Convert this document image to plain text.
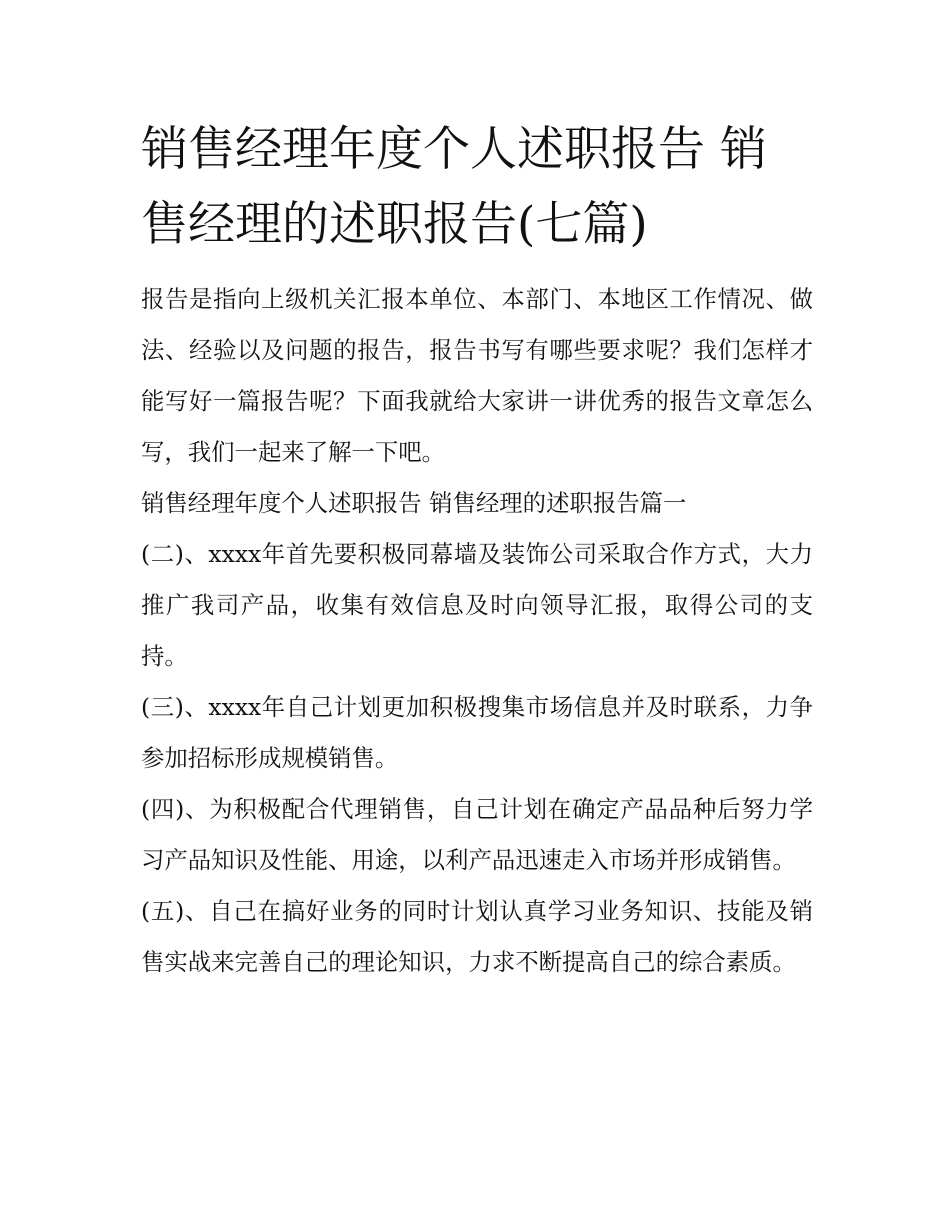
销售经理年度个人述职报告 销售经理的述职报告(七篇)

报告是指向上级机关汇报本单位、本部门、本地区工作情况、做法、经验以及问题的报告，报告书写有哪些要求呢？我们怎样才能写好一篇报告呢？下面我就给大家讲一讲优秀的报告文章怎么写，我们一起来了解一下吧。

销售经理年度个人述职报告 销售经理的述职报告篇一

(二)、xxxx年首先要积极同幕墙及装饰公司采取合作方式，大力推广我司产品，收集有效信息及时向领导汇报，取得公司的支持。

(三)、xxxx年自己计划更加积极搜集市场信息并及时联系，力争参加招标形成规模销售。

(四)、为积极配合代理销售，自己计划在确定产品品种后努力学习产品知识及性能、用途，以利产品迅速走入市场并形成销售。

(五)、自己在搞好业务的同时计划认真学习业务知识、技能及销售实战来完善自己的理论知识，力求不断提高自己的综合素质。
